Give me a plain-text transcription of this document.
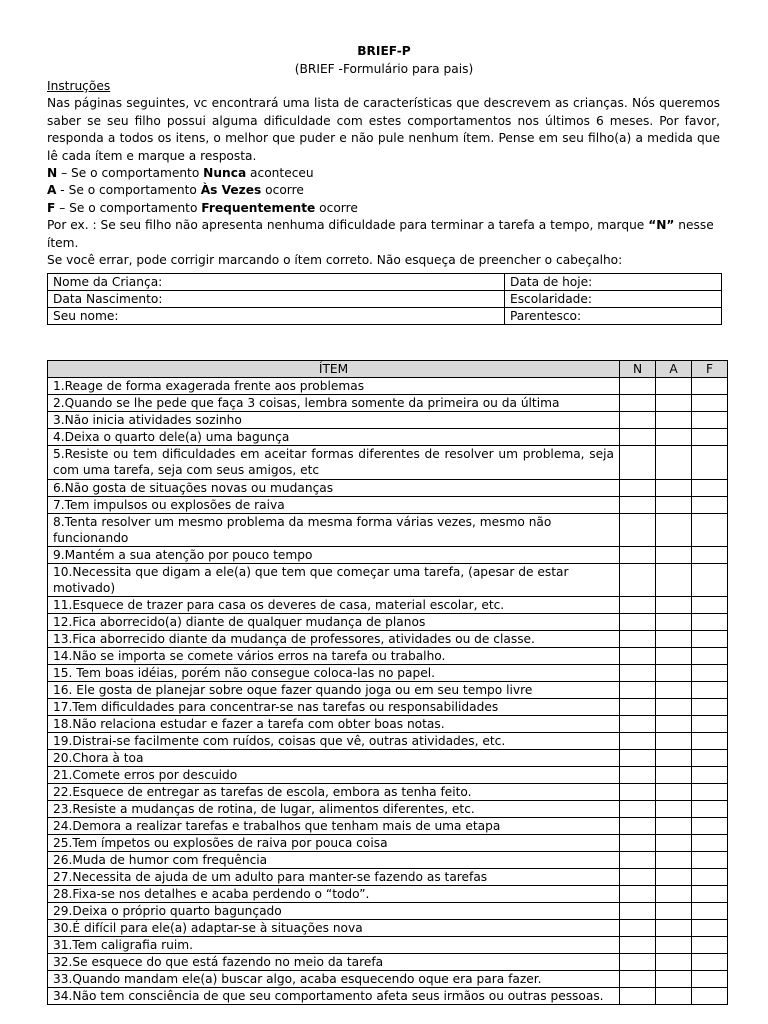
BRIEF-P
(BRIEF -Formulário para pais)

Instruções

Nas páginas seguintes, vc encontrará uma lista de características que descrevem as crianças. Nós queremos saber se seu filho possui alguma dificuldade com estes comportamentos nos últimos 6 meses. Por favor, responda a todos os itens, o melhor que puder e não pule nenhum ítem. Pense em seu filho(a) a medida que lê cada ítem e marque a resposta.

N – Se o comportamento Nunca aconteceu

A - Se o comportamento Às Vezes ocorre

F – Se o comportamento Frequentemente ocorre

Por ex. : Se seu filho não apresenta nenhuma dificuldade para terminar a tarefa a tempo, marque “N” nesse ítem.

Se você errar, pode corrigir marcando o ítem correto. Não esqueça de preencher o cabeçalho:

Nome da Criança:	Data de hoje:
Data Nascimento:	Escolaridade:
Seu nome:	Parentesco:
ÍTEM	N	A	F
1.Reage de forma exagerada frente aos problemas			
2.Quando se lhe pede que faça 3 coisas, lembra somente da primeira ou da última			
3.Não inicia atividades sozinho			
4.Deixa o quarto dele(a) uma bagunça			
5.Resiste ou tem dificuldades em aceitar formas diferentes de resolver um problema, seja com uma tarefa, seja com seus amigos, etc			
6.Não gosta de situações novas ou mudanças			
7.Tem impulsos ou explosões de raiva			
8.Tenta resolver um mesmo problema da mesma forma várias vezes, mesmo não funcionando			
9.Mantém a sua atenção por pouco tempo			
10.Necessita que digam a ele(a) que tem que começar uma tarefa, (apesar de estar motivado)			
11.Esquece de trazer para casa os deveres de casa, material escolar, etc.			
12.Fica aborrecido(a) diante de qualquer mudança de planos			
13.Fica aborrecido diante da mudança de professores, atividades ou de classe.			
14.Não se importa se comete vários erros na tarefa ou trabalho.			
15. Tem boas idéias, porém não consegue coloca-las no papel.			
16. Ele gosta de planejar sobre oque fazer quando joga ou em seu tempo livre			
17.Tem dificuldades para concentrar-se nas tarefas ou responsabilidades			
18.Não relaciona estudar e fazer a tarefa com obter boas notas.			
19.Distrai-se facilmente com ruídos, coisas que vê, outras atividades, etc.			
20.Chora à toa			
21.Comete erros por descuido			
22.Esquece de entregar as tarefas de escola, embora as tenha feito.			
23.Resiste a mudanças de rotina, de lugar, alimentos diferentes, etc.			
24.Demora a realizar tarefas e trabalhos que tenham mais de uma etapa			
25.Tem ímpetos ou explosões de raiva por pouca coisa			
26.Muda de humor com frequência			
27.Necessita de ajuda de um adulto para manter-se fazendo as tarefas			
28.Fixa-se nos detalhes e acaba perdendo o “todo”.			
29.Deixa o próprio quarto bagunçado			
30.É difícil para ele(a) adaptar-se à situações nova			
31.Tem caligrafia ruim.			
32.Se esquece do que está fazendo no meio da tarefa			
33.Quando mandam ele(a) buscar algo, acaba esquecendo oque era para fazer.			
34.Não tem consciência de que seu comportamento afeta seus irmãos ou outras pessoas.			
